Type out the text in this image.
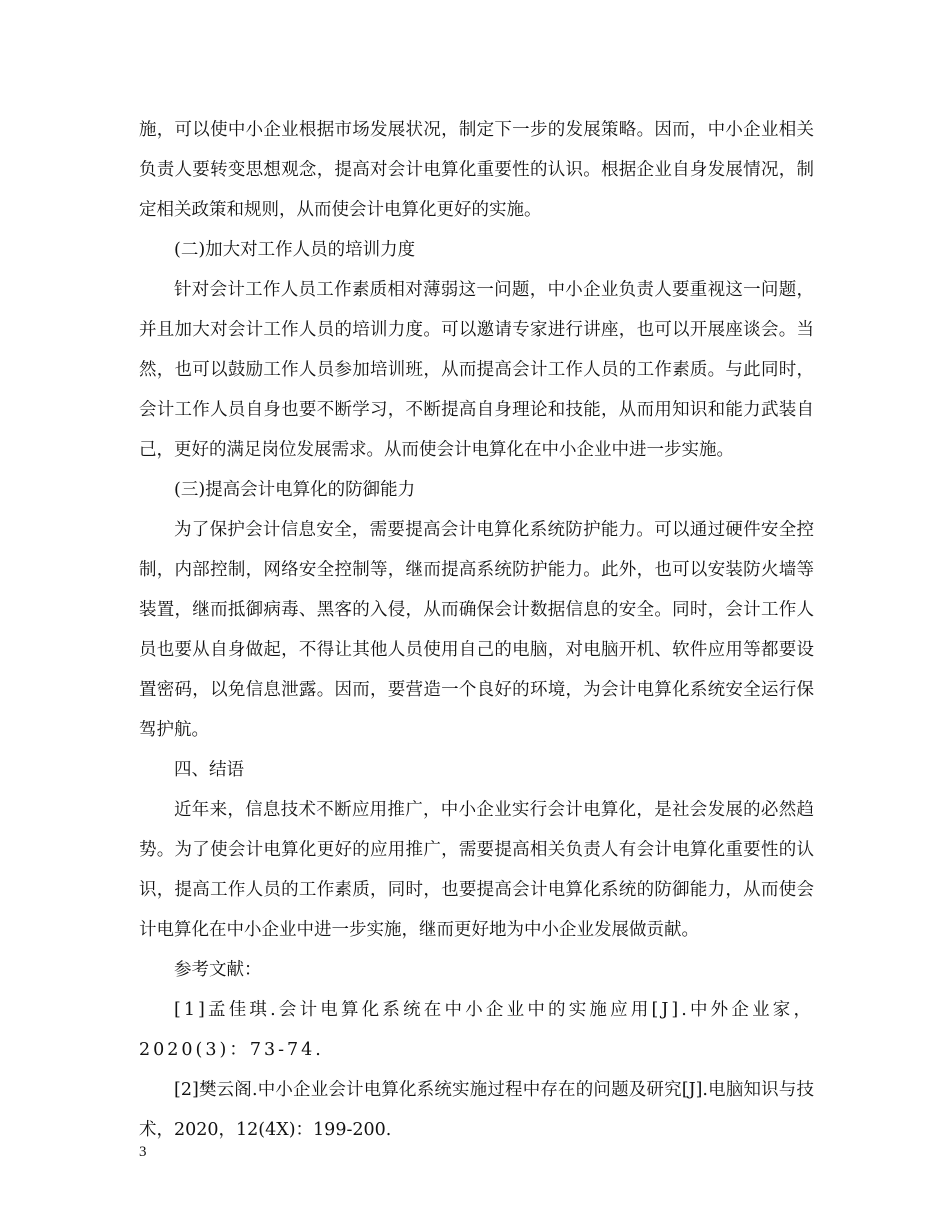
施，可以使中小企业根据市场发展状况，制定下一步的发展策略。因而，中小企业相关负责人要转变思想观念，提高对会计电算化重要性的认识。根据企业自身发展情况，制定相关政策和规则，从而使会计电算化更好的实施。

(二)加大对工作人员的培训力度

针对会计工作人员工作素质相对薄弱这一问题，中小企业负责人要重视这一问题，并且加大对会计工作人员的培训力度。可以邀请专家进行讲座，也可以开展座谈会。当然，也可以鼓励工作人员参加培训班，从而提高会计工作人员的工作素质。与此同时，会计工作人员自身也要不断学习，不断提高自身理论和技能，从而用知识和能力武装自己，更好的满足岗位发展需求。从而使会计电算化在中小企业中进一步实施。

(三)提高会计电算化的防御能力

为了保护会计信息安全，需要提高会计电算化系统防护能力。可以通过硬件安全控制，内部控制，网络安全控制等，继而提高系统防护能力。此外，也可以安装防火墙等装置，继而抵御病毒、黑客的入侵，从而确保会计数据信息的安全。同时，会计工作人员也要从自身做起，不得让其他人员使用自己的电脑，对电脑开机、软件应用等都要设置密码，以免信息泄露。因而，要营造一个良好的环境，为会计电算化系统安全运行保驾护航。

四、结语

近年来，信息技术不断应用推广，中小企业实行会计电算化，是社会发展的必然趋势。为了使会计电算化更好的应用推广，需要提高相关负责人有会计电算化重要性的认识，提高工作人员的工作素质，同时，也要提高会计电算化系统的防御能力，从而使会计电算化在中小企业中进一步实施，继而更好地为中小企业发展做贡献。

参考文献：

[1]孟佳琪.会计电算化系统在中小企业中的实施应用[J].中外企业家，2020(3)：73-74.

[2]樊云阁.中小企业会计电算化系统实施过程中存在的问题及研究[J].电脑知识与技术，2020，12(4X)：199-200.

3
